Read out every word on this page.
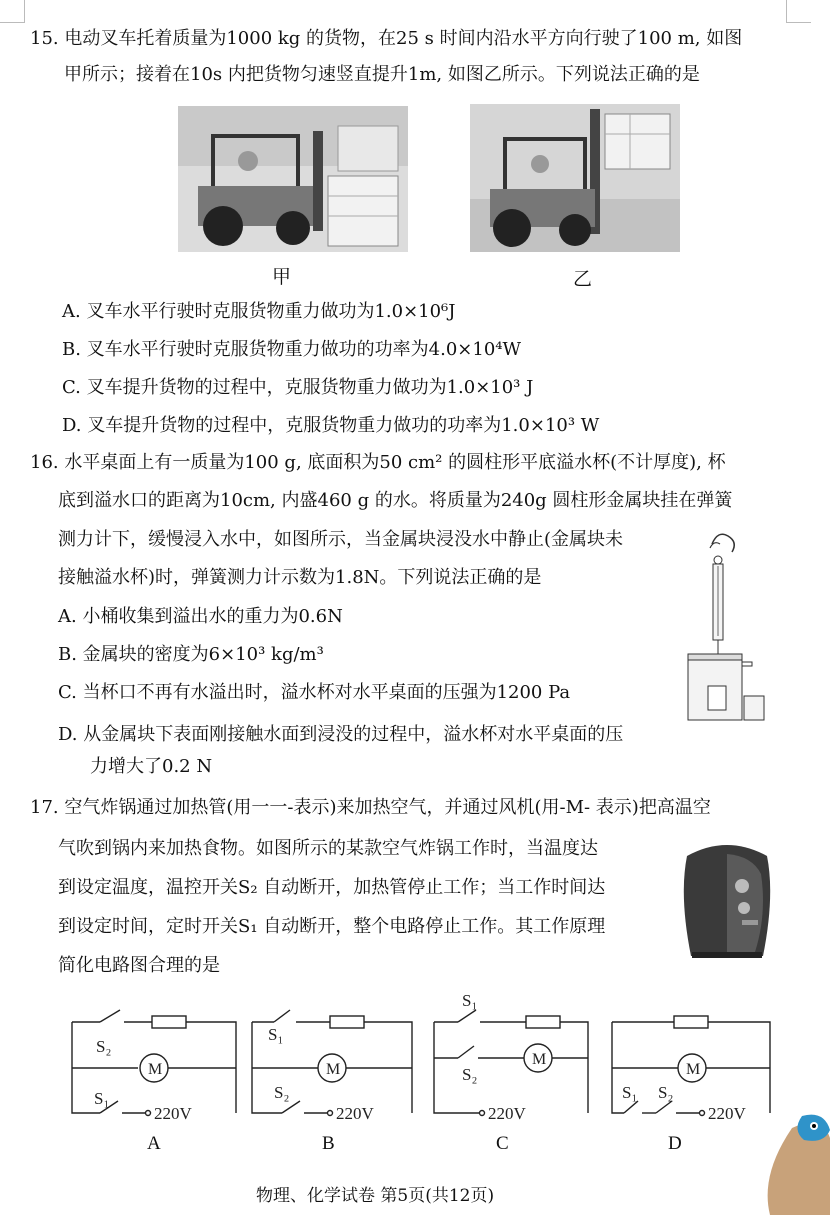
15. 电动叉车托着质量为1000 kg 的货物，在25 s 时间内沿水平方向行驶了100 m, 如图
甲所示；接着在10s 内把货物匀速竖直提升1m, 如图乙所示。下列说法正确的是
甲	乙
A. 叉车水平行驶时克服货物重力做功为1.0×10⁶J
B. 叉车水平行驶时克服货物重力做功的功率为4.0×10⁴W
C. 叉车提升货物的过程中，克服货物重力做功为1.0×10³ J
D. 叉车提升货物的过程中，克服货物重力做功的功率为1.0×10³ W
16. 水平桌面上有一质量为100 g, 底面积为50 cm² 的圆柱形平底溢水杯(不计厚度), 杯
底到溢水口的距离为10cm, 内盛460 g 的水。将质量为240g 圆柱形金属块挂在弹簧
测力计下，缓慢浸入水中，如图所示，当金属块浸没水中静止(金属块未
接触溢水杯)时，弹簧测力计示数为1.8N。下列说法正确的是
A. 小桶收集到溢出水的重力为0.6N
B. 金属块的密度为6×10³ kg/m³
C. 当杯口不再有水溢出时，溢水杯对水平桌面的压强为1200 Pa
D. 从金属块下表面刚接触水面到浸没的过程中，溢水杯对水平桌面的压
力增大了0.2 N
17. 空气炸锅通过加热管(用一一-表示)来加热空气，并通过风机(用-M- 表示)把高温空
气吹到锅内来加热食物。如图所示的某款空气炸锅工作时，当温度达
到设定温度，温控开关S₂ 自动断开，加热管停止工作；当工作时间达
到设定时间，定时开关S₁ 自动断开，整个电路停止工作。其工作原理
简化电路图合理的是
S₂
S₁
M
220V
S₁
S₂
M
220V
S₁
S₂
M
220V
S₁ S₂
M
220V
A	B	C	D
物理、化学试卷 第5页(共12页)
